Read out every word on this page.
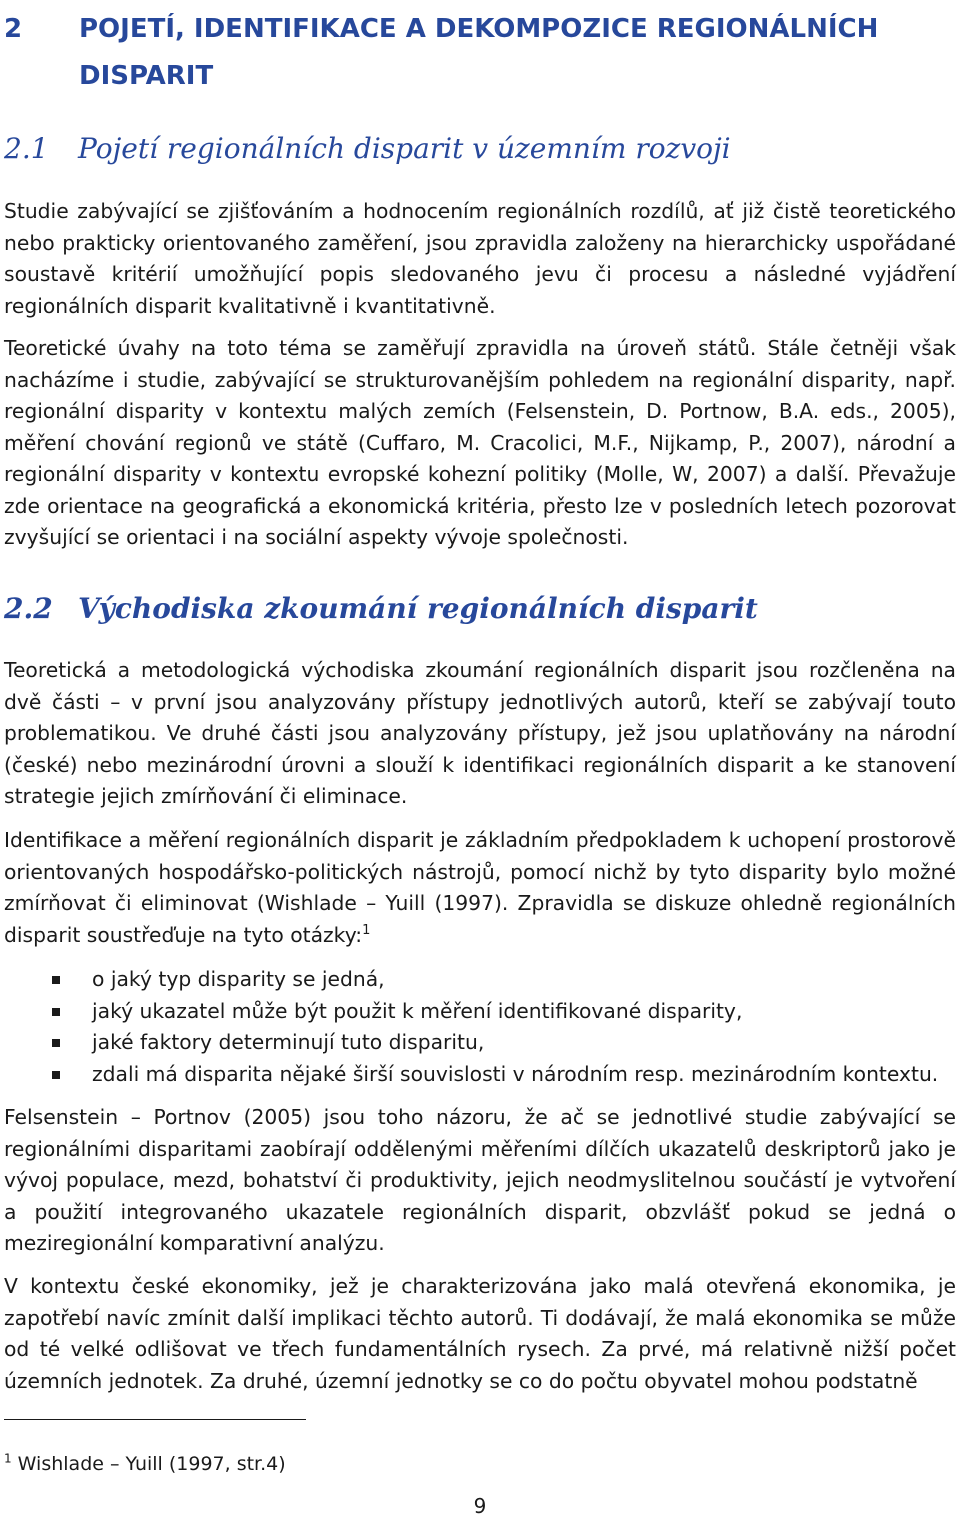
2 POJETÍ, IDENTIFIKACE A DEKOMPOZICE REGIONÁLNÍCH
DISPARIT
2.1 Pojetí regionálních disparit v územním rozvoji

Studie zabývající se zjišťováním a hodnocením regionálních rozdílů, ať již čistě teoretického nebo prakticky orientovaného zaměření, jsou zpravidla založeny na hierarchicky uspořádané soustavě kritérií umožňující popis sledovaného jevu či procesu a následné vyjádření regionálních disparit kvalitativně i kvantitativně.

Teoretické úvahy na toto téma se zaměřují zpravidla na úroveň států. Stále četněji však nacházíme i studie, zabývající se strukturovanějším pohledem na regionální disparity, např. regionální disparity v kontextu malých zemích (Felsenstein, D. Portnow, B.A. eds., 2005), měření chování regionů ve státě (Cuffaro, M. Cracolici, M.F., Nijkamp, P., 2007), národní a regionální disparity v kontextu evropské kohezní politiky (Molle, W, 2007) a další. Převažuje zde orientace na geografická a ekonomická kritéria, přesto lze v posledních letech pozorovat zvyšující se orientaci i na sociální aspekty vývoje společnosti.

2.2 Východiska zkoumání regionálních disparit

Teoretická a metodologická východiska zkoumání regionálních disparit jsou rozčleněna na dvě části – v první jsou analyzovány přístupy jednotlivých autorů, kteří se zabývají touto problematikou. Ve druhé části jsou analyzovány přístupy, jež jsou uplatňovány na národní (české) nebo mezinárodní úrovni a slouží k identifikaci regionálních disparit a ke stanovení strategie jejich zmírňování či eliminace.

Identifikace a měření regionálních disparit je základním předpokladem k uchopení prostorově orientovaných hospodářsko-politických nástrojů, pomocí nichž by tyto disparity bylo možné zmírňovat či eliminovat (Wishlade – Yuill (1997). Zpravidla se diskuze ohledně regionálních disparit soustřeďuje na tyto otázky:$^1$

o jaký typ disparity se jedná,
jaký ukazatel může být použit k měření identifikované disparity,
jaké faktory determinují tuto disparitu,
zdali má disparita nějaké širší souvislosti v národním resp. mezinárodním kontextu.

Felsenstein – Portnov (2005) jsou toho názoru, že ač se jednotlivé studie zabývající se regionálními disparitami zaobírají oddělenými měřeními dílčích ukazatelů deskriptorů jako je vývoj populace, mezd, bohatství či produktivity, jejich neodmyslitelnou součástí je vytvoření a použití integrovaného ukazatele regionálních disparit, obzvlášť pokud se jedná o meziregionální komparativní analýzu.

V kontextu české ekonomiky, jež je charakterizována jako malá otevřená ekonomika, je zapotřebí navíc zmínit další implikaci těchto autorů. Ti dodávají, že malá ekonomika se může od té velké odlišovat ve třech fundamentálních rysech. Za prvé, má relativně nižší počet územních jednotek. Za druhé, územní jednotky se co do počtu obyvatel mohou podstatně

$^1$ Wishlade – Yuill (1997, str.4)

9
